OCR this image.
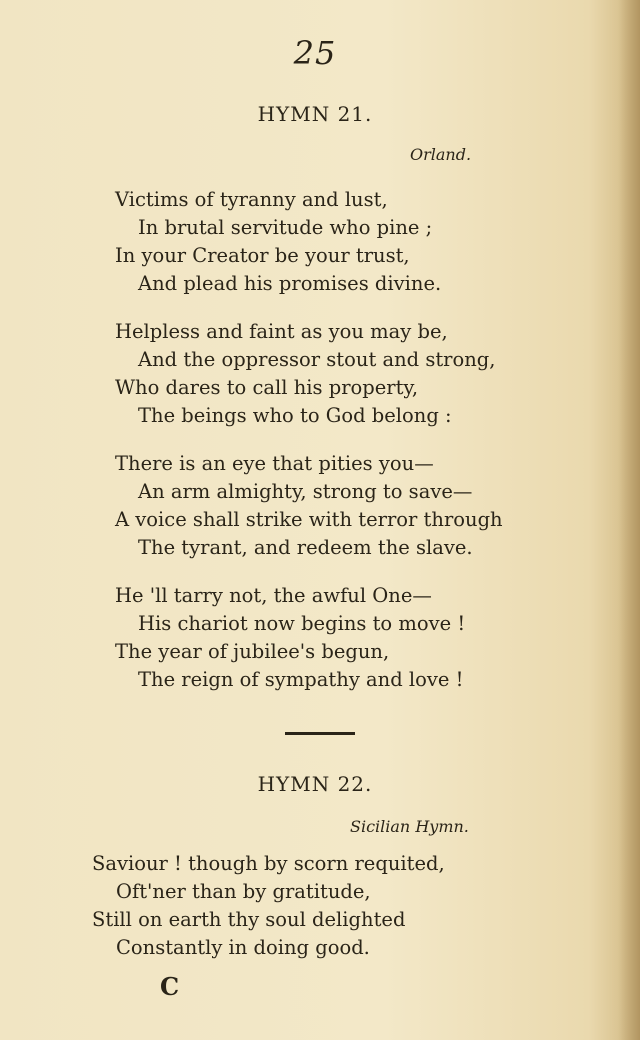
25
HYMN 21.
Orland.
Victims of tyranny and lust,
In brutal servitude who pine ;
In your Creator be your trust,
And plead his promises divine.
Helpless and faint as you may be,
And the oppressor stout and strong,
Who dares to call his property,
The beings who to God belong :
There is an eye that pities you—
An arm almighty, strong to save—
A voice shall strike with terror through
The tyrant, and redeem the slave.
He 'll tarry not, the awful One—
His chariot now begins to move !
The year of jubilee's begun,
The reign of sympathy and love !
HYMN 22.
Sicilian Hymn.
Saviour ! though by scorn requited,
Oft'ner than by gratitude,
Still on earth thy soul delighted
Constantly in doing good.
C
